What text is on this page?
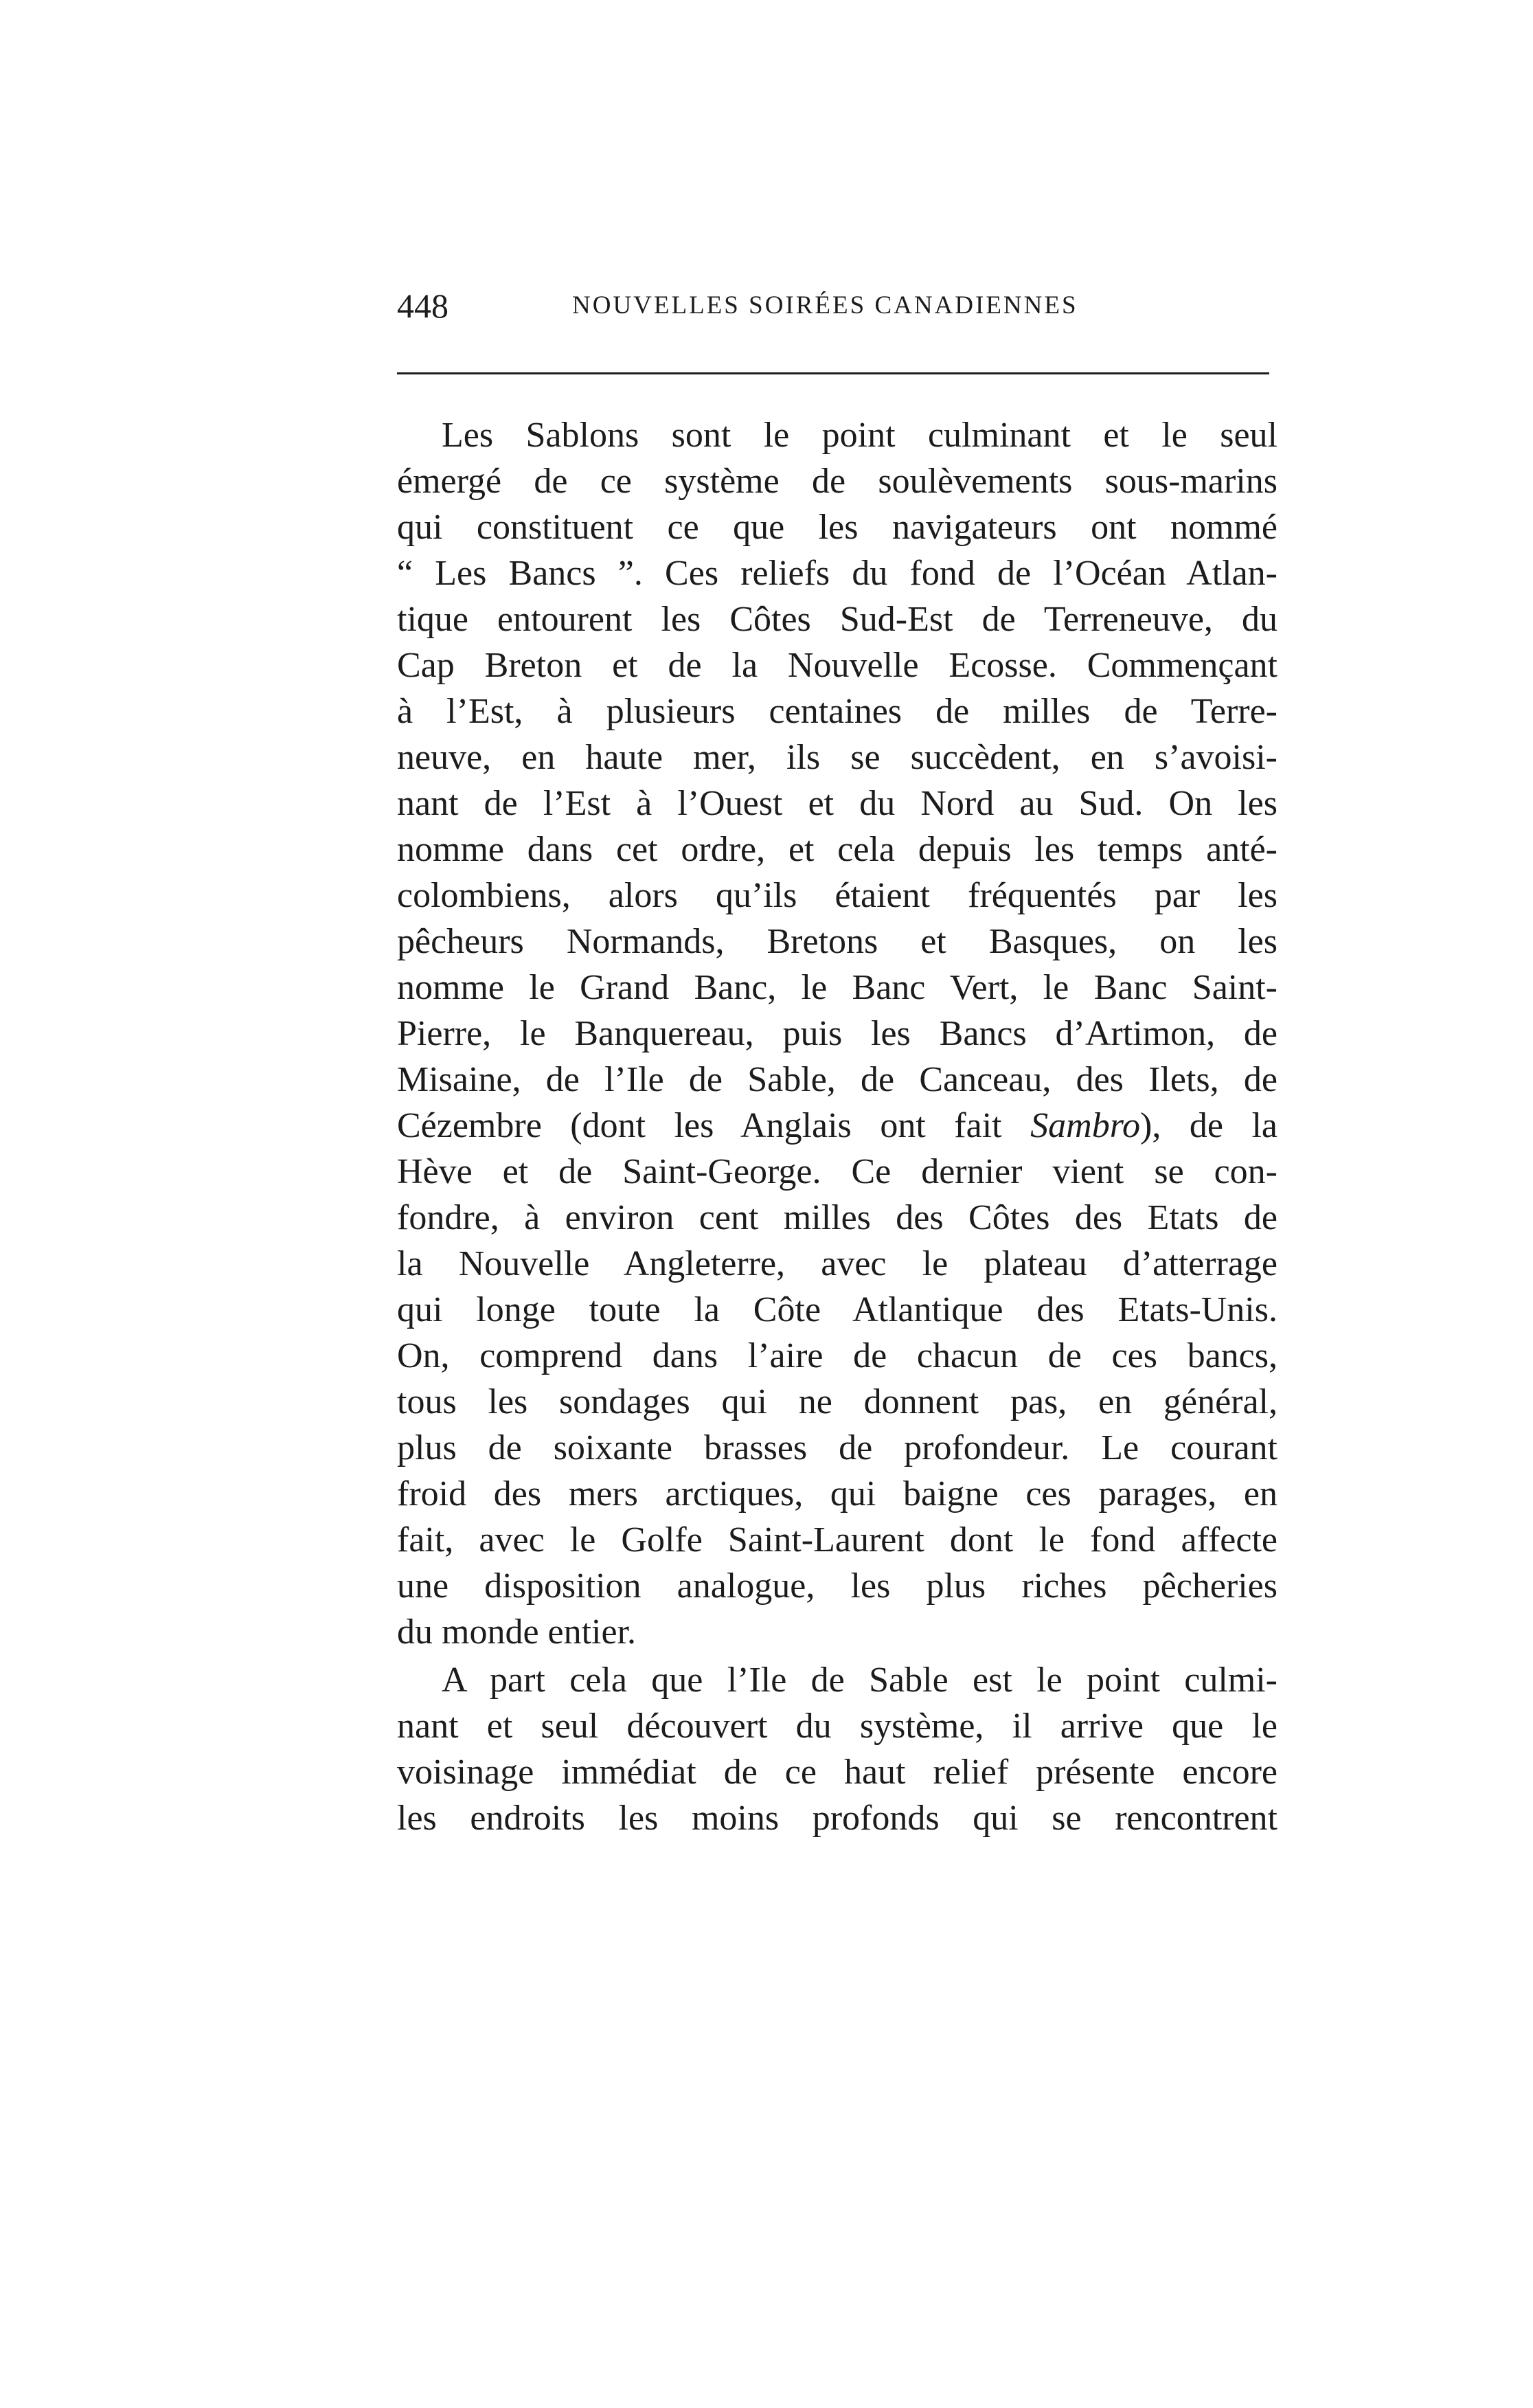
448	NOUVELLES SOIRÉES CANADIENNES
Les Sablons sont le point culminant et le seul
émergé de ce système de soulèvements sous-marins
qui constituent ce que les navigateurs ont nommé
“ Les Bancs ”. Ces reliefs du fond de l’Océan Atlan-
tique entourent les Côtes Sud-Est de Terreneuve, du
Cap Breton et de la Nouvelle Ecosse. Commençant
à l’Est, à plusieurs centaines de milles de Terre-
neuve, en haute mer, ils se succèdent, en s’avoisi-
nant de l’Est à l’Ouest et du Nord au Sud. On les
nomme dans cet ordre, et cela depuis les temps anté-
colombiens, alors qu’ils étaient fréquentés par les
pêcheurs Normands, Bretons et Basques, on les
nomme le Grand Banc, le Banc Vert, le Banc Saint-
Pierre, le Banquereau, puis les Bancs d’Artimon, de
Misaine, de l’Ile de Sable, de Canceau, des Ilets, de
Cézembre (dont les Anglais ont fait Sambro), de la
Hève et de Saint-George. Ce dernier vient se con-
fondre, à environ cent milles des Côtes des Etats de
la Nouvelle Angleterre, avec le plateau d’atterrage
qui longe toute la Côte Atlantique des Etats-Unis.
On, comprend dans l’aire de chacun de ces bancs,
tous les sondages qui ne donnent pas, en général,
plus de soixante brasses de profondeur. Le courant
froid des mers arctiques, qui baigne ces parages, en
fait, avec le Golfe Saint-Laurent dont le fond affecte
une disposition analogue, les plus riches pêcheries
du monde entier.
A part cela que l’Ile de Sable est le point culmi-
nant et seul découvert du système, il arrive que le
voisinage immédiat de ce haut relief présente encore
les endroits les moins profonds qui se rencontrent
